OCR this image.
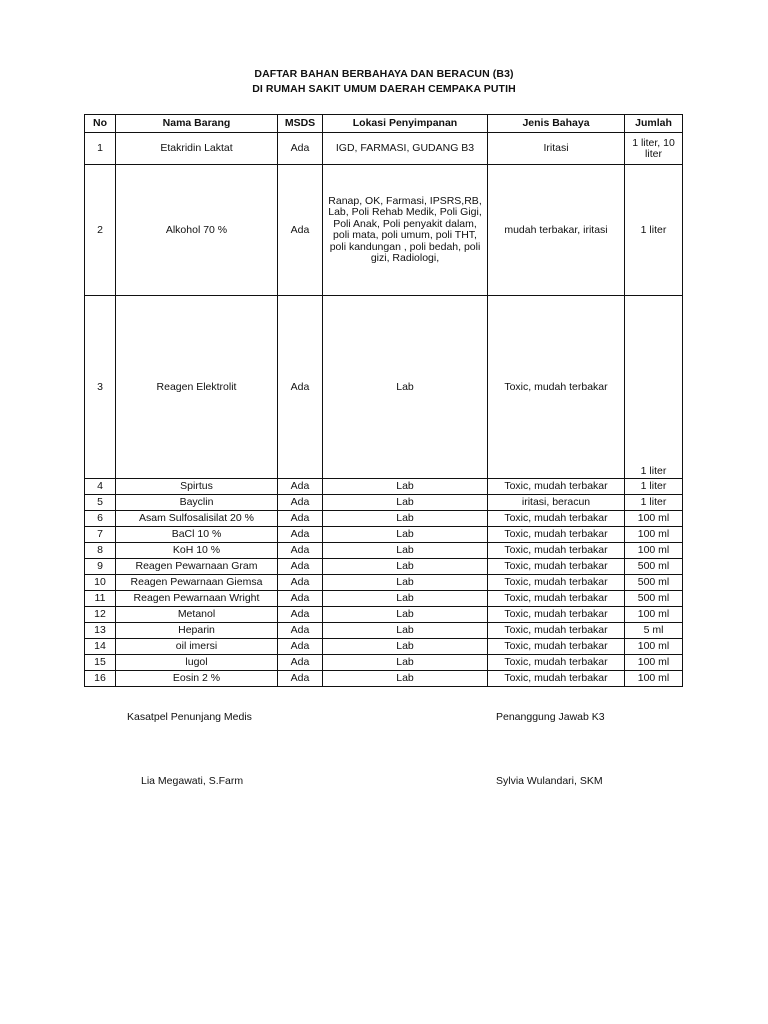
DAFTAR BAHAN BERBAHAYA DAN BERACUN (B3)
DI RUMAH SAKIT UMUM DAERAH CEMPAKA PUTIH
No	Nama Barang	MSDS	Lokasi Penyimpanan	Jenis Bahaya	Jumlah
1	Etakridin Laktat	Ada	IGD, FARMASI, GUDANG B3	Iritasi	1 liter, 10 liter
2	Alkohol 70 %	Ada	Ranap, OK, Farmasi, IPSRS,RB, Lab, Poli Rehab Medik, Poli Gigi, Poli Anak, Poli penyakit dalam, poli mata, poli umum, poli THT, poli kandungan , poli bedah, poli gizi, Radiologi,	mudah terbakar, iritasi	1 liter
3	Reagen Elektrolit	Ada	Lab	Toxic, mudah terbakar	1 liter
4	Spirtus	Ada	Lab	Toxic, mudah terbakar	1 liter
5	Bayclin	Ada	Lab	iritasi, beracun	1 liter
6	Asam Sulfosalisilat 20 %	Ada	Lab	Toxic, mudah terbakar	100 ml
7	BaCl 10 %	Ada	Lab	Toxic, mudah terbakar	100 ml
8	KoH 10 %	Ada	Lab	Toxic, mudah terbakar	100 ml
9	Reagen Pewarnaan Gram	Ada	Lab	Toxic, mudah terbakar	500 ml
10	Reagen Pewarnaan Giemsa	Ada	Lab	Toxic, mudah terbakar	500 ml
11	Reagen Pewarnaan Wright	Ada	Lab	Toxic, mudah terbakar	500 ml
12	Metanol	Ada	Lab	Toxic, mudah terbakar	100 ml
13	Heparin	Ada	Lab	Toxic, mudah terbakar	5 ml
14	oil imersi	Ada	Lab	Toxic, mudah terbakar	100 ml
15	lugol	Ada	Lab	Toxic, mudah terbakar	100 ml
16	Eosin 2 %	Ada	Lab	Toxic, mudah terbakar	100 ml
Kasatpel Penunjang Medis	Penanggung Jawab K3
Lia Megawati, S.Farm	Sylvia Wulandari, SKM
